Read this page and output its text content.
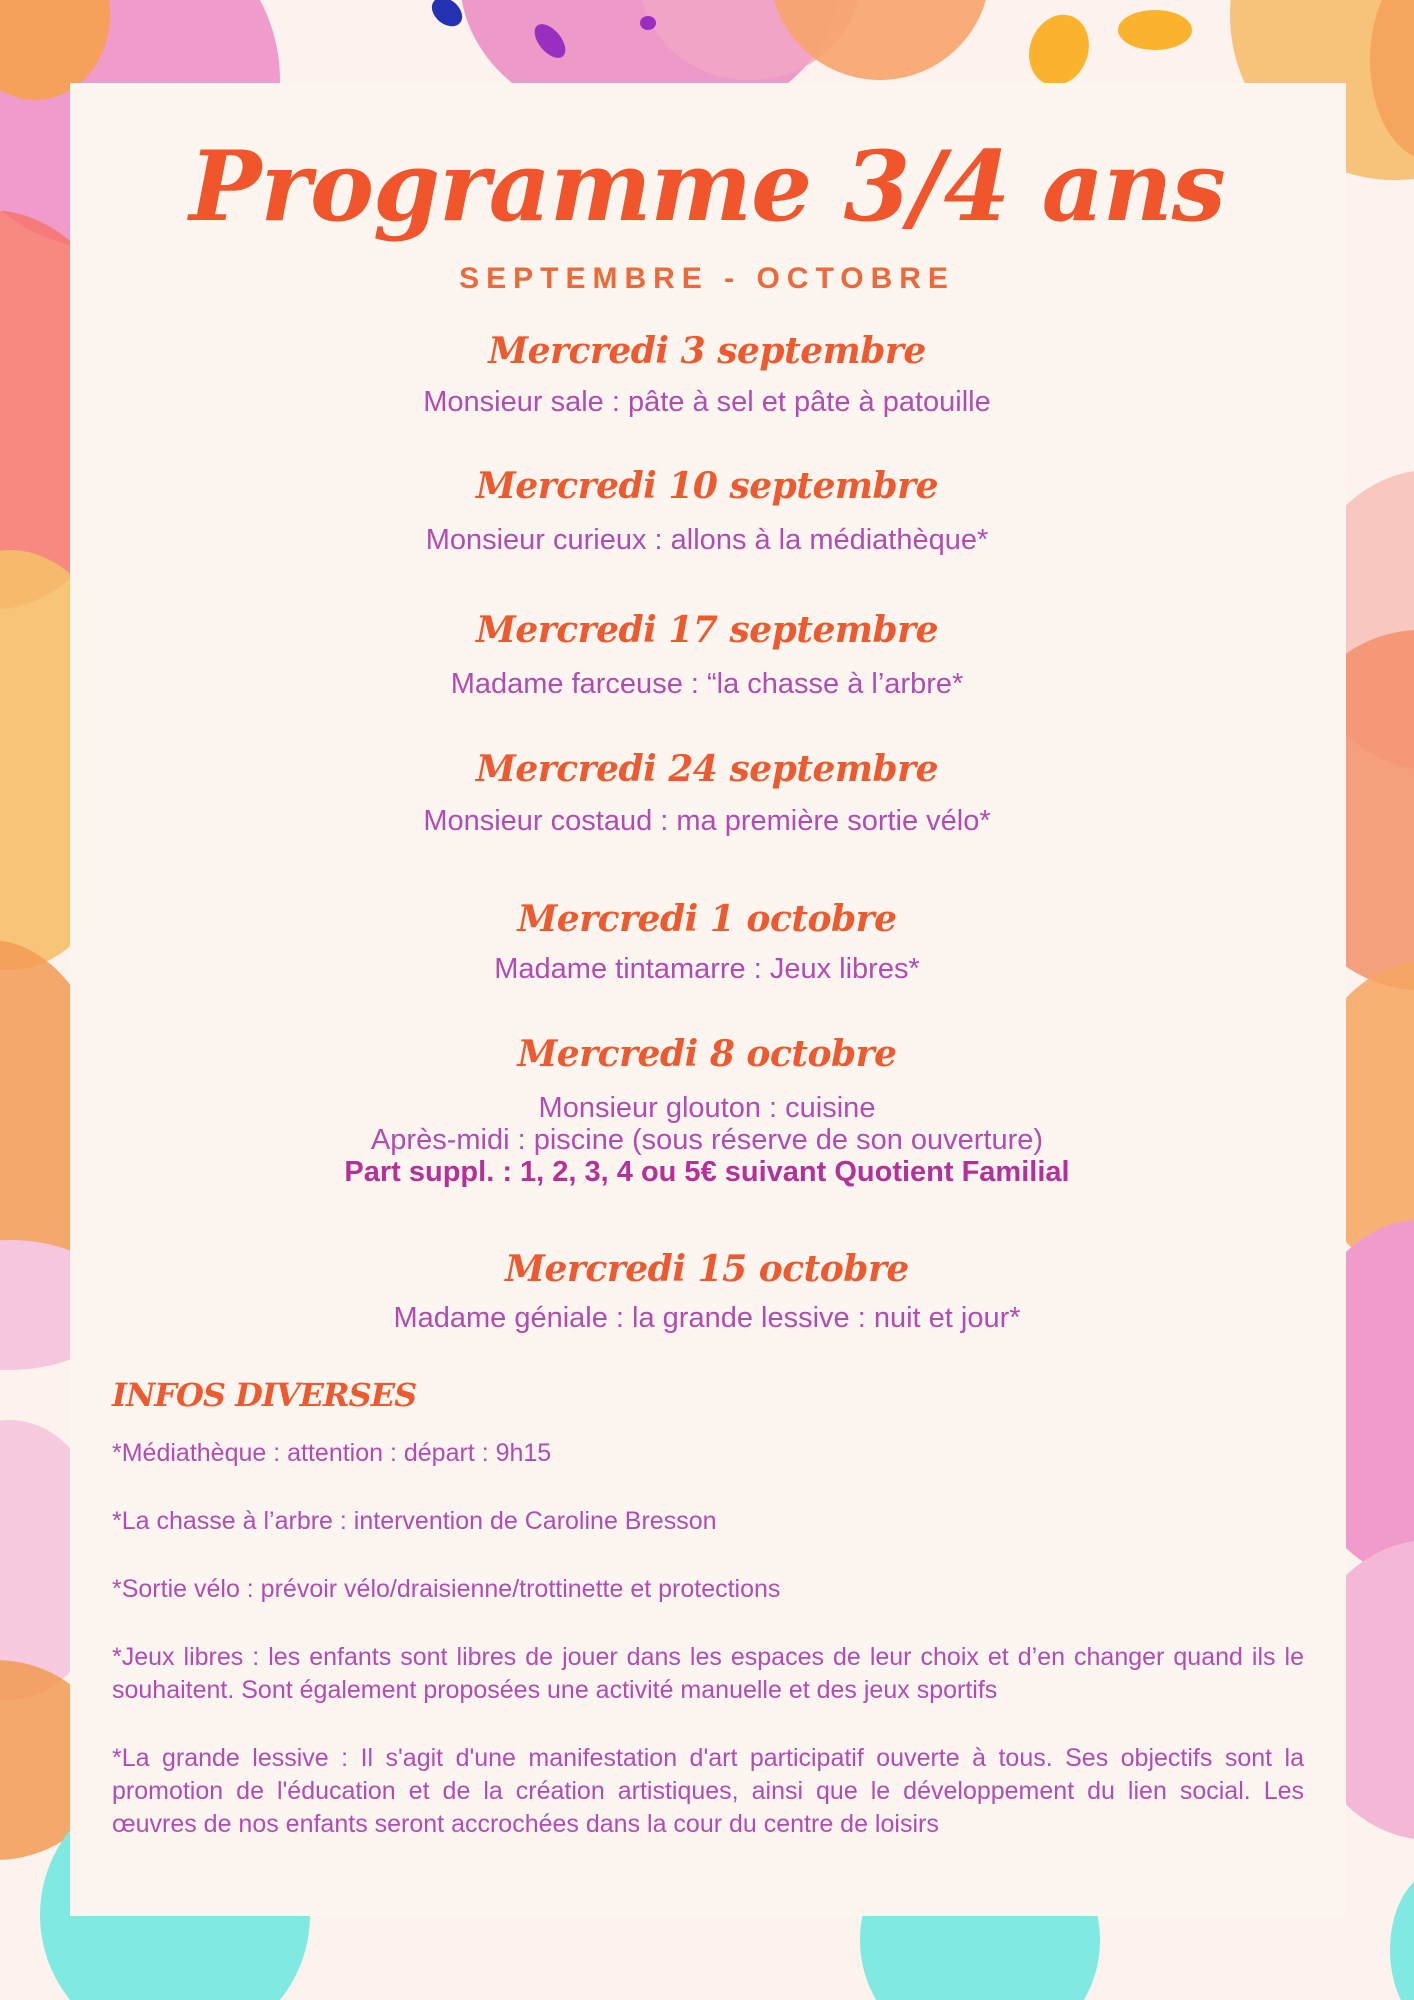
Programme 3/4 ans
SEPTEMBRE - OCTOBRE
Mercredi 3 septembre
Monsieur sale : pâte à sel et pâte à patouille
Mercredi 10 septembre
Monsieur curieux : allons à la médiathèque*
Mercredi 17 septembre
Madame farceuse : “la chasse à l’arbre*
Mercredi 24 septembre
Monsieur costaud : ma première sortie vélo*
Mercredi 1 octobre
Madame tintamarre : Jeux libres*
Mercredi 8 octobre
Monsieur glouton : cuisine
Après-midi : piscine (sous réserve de son ouverture)
Part suppl. : 1, 2, 3, 4 ou 5€ suivant Quotient Familial
Mercredi 15 octobre
Madame géniale : la grande lessive : nuit et jour*
INFOS DIVERSES

*Médiathèque : attention : départ : 9h15

*La chasse à l’arbre : intervention de Caroline Bresson

*Sortie vélo : prévoir vélo/draisienne/trottinette et protections

*Jeux libres : les enfants sont libres de jouer dans les espaces de leur choix et d’en changer quand ils le souhaitent. Sont également proposées une activité manuelle et des jeux sportifs

*La grande lessive : Il s'agit d'une manifestation d'art participatif ouverte à tous. Ses objectifs sont la promotion de l'éducation et de la création artistiques, ainsi que le développement du lien social. Les œuvres de nos enfants seront accrochées dans la cour du centre de loisirs
